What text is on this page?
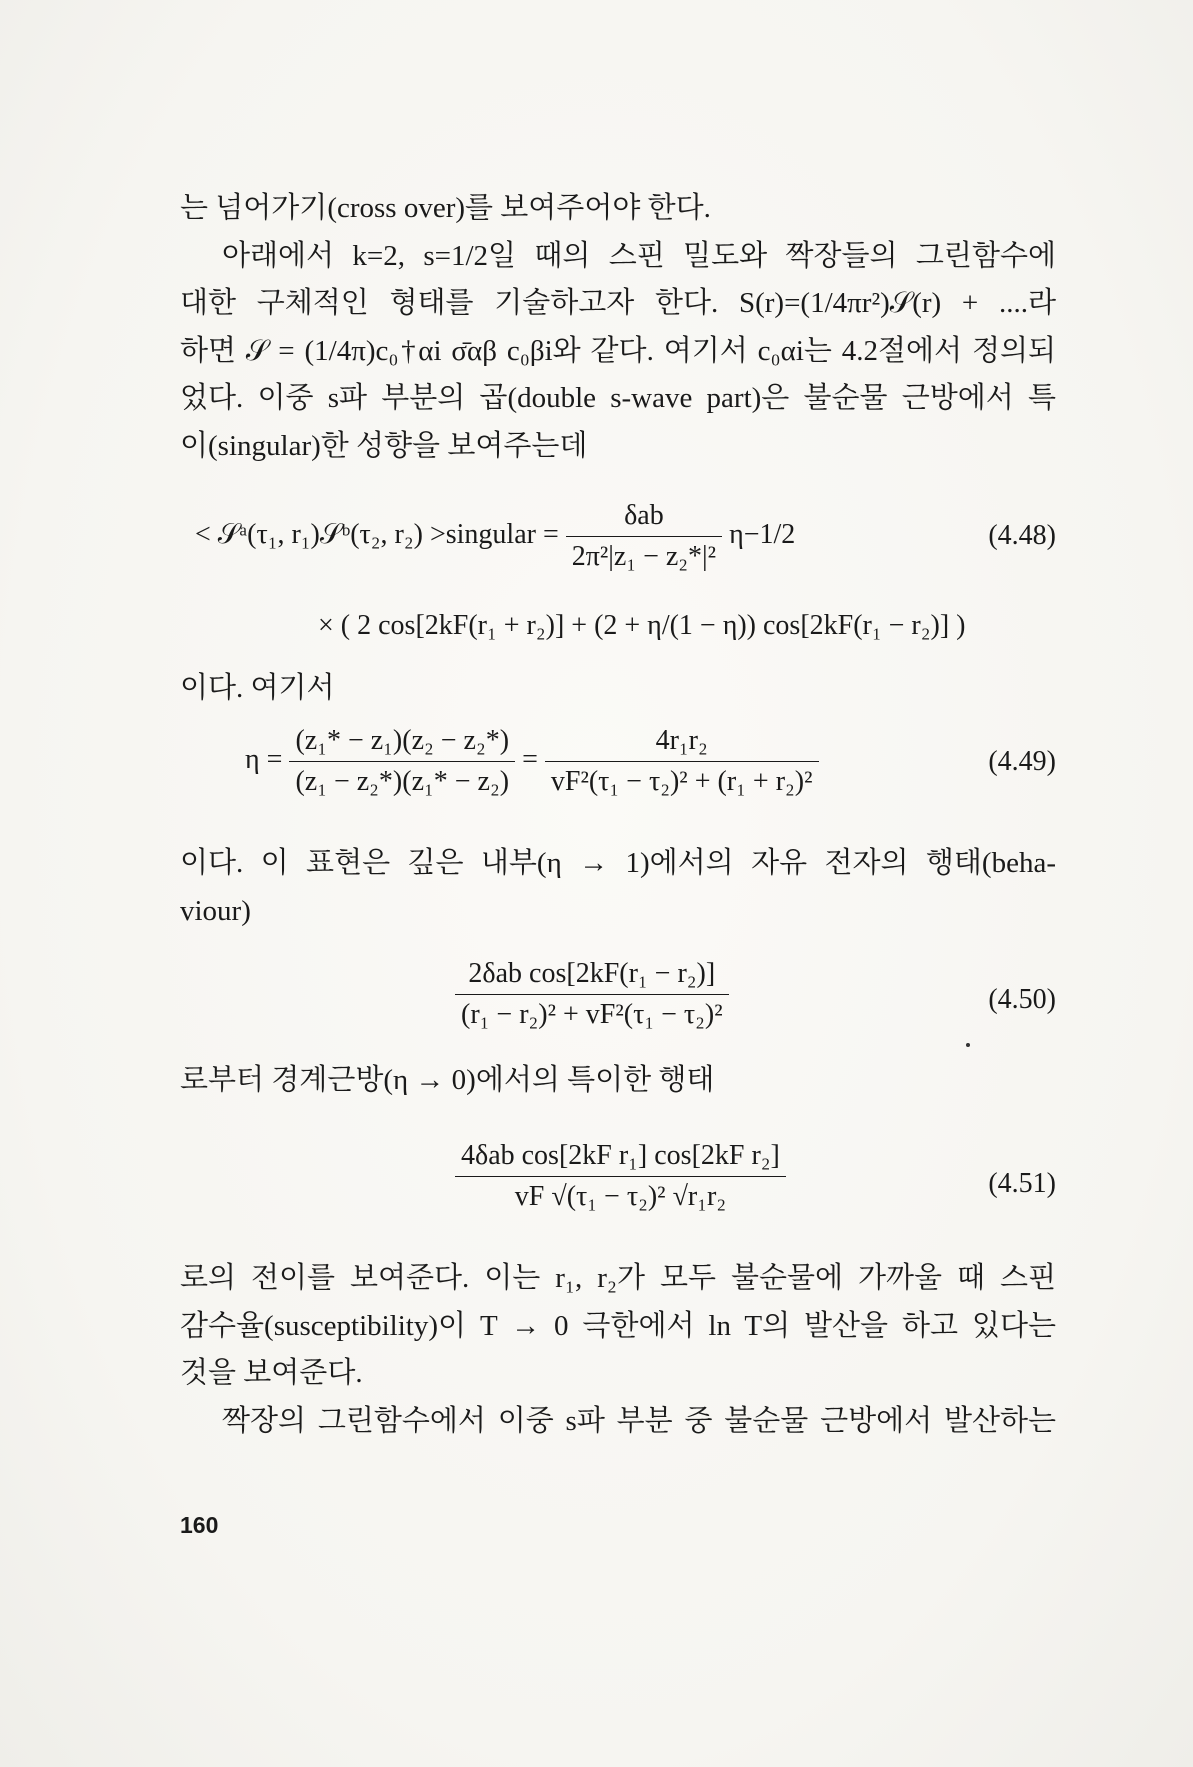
는 넘어가기(cross over)를 보여주어야 한다.

아래에서 k=2, s=1/2일 때의 스핀 밀도와 짝장들의 그린함수에

대한 구체적인 형태를 기술하고자 한다. S(r)=(1/4πr²)𝒮(r) + ....라

하면 𝒮 = (1/4π)c₀†αi σ̄αβ c₀βi와 같다. 여기서 c₀αi는 4.2절에서 정의되

었다. 이중 s파 부분의 곱(double s-wave part)은 불순물 근방에서 특

이(singular)한 성향을 보여주는데

< 𝒮ᵃ(τ₁, r₁)𝒮ᵇ(τ₂, r₂) >singular = $\frac{\text{δab}}{\text{2π²|z₁ − z₂*|²}} \eta-1/2$	(4.48)
× ( 2 cos[2kF(r₁ + r₂)] + (2 + η/(1 − η)) cos[2kF(r₁ − r₂)] )

이다. 여기서

$\eta = \frac{\text{(z₁* − z₁)(z₂ − z₂*)}}{\text{(z₁ − z₂*)(z₁* − z₂)}} = \frac{\text{4r₁r₂}}{\text{vF²(τ₁ − τ₂)² + (r₁ + r₂)²}}$	(4.49)

이다. 이 표현은 깊은 내부(η → 1)에서의 자유 전자의 행태(beha-

viour)

$\frac{\text{2δab cos[2kF(r₁ − r₂)]}}{\text{(r₁ − r₂)² + vF²(τ₁ − τ₂)²}}$	(4.50)

로부터 경계근방(η → 0)에서의 특이한 행태

$\frac{\text{4δab cos[2kF r₁] cos[2kF r₂]}}{\text{vF √(τ₁ − τ₂)² √r₁r₂}}$	(4.51)

로의 전이를 보여준다. 이는 r₁, r₂가 모두 불순물에 가까울 때 스핀

감수율(susceptibility)이 T → 0 극한에서 ln T의 발산을 하고 있다는

것을 보여준다.

짝장의 그린함수에서 이중 s파 부분 중 불순물 근방에서 발산하는

160
